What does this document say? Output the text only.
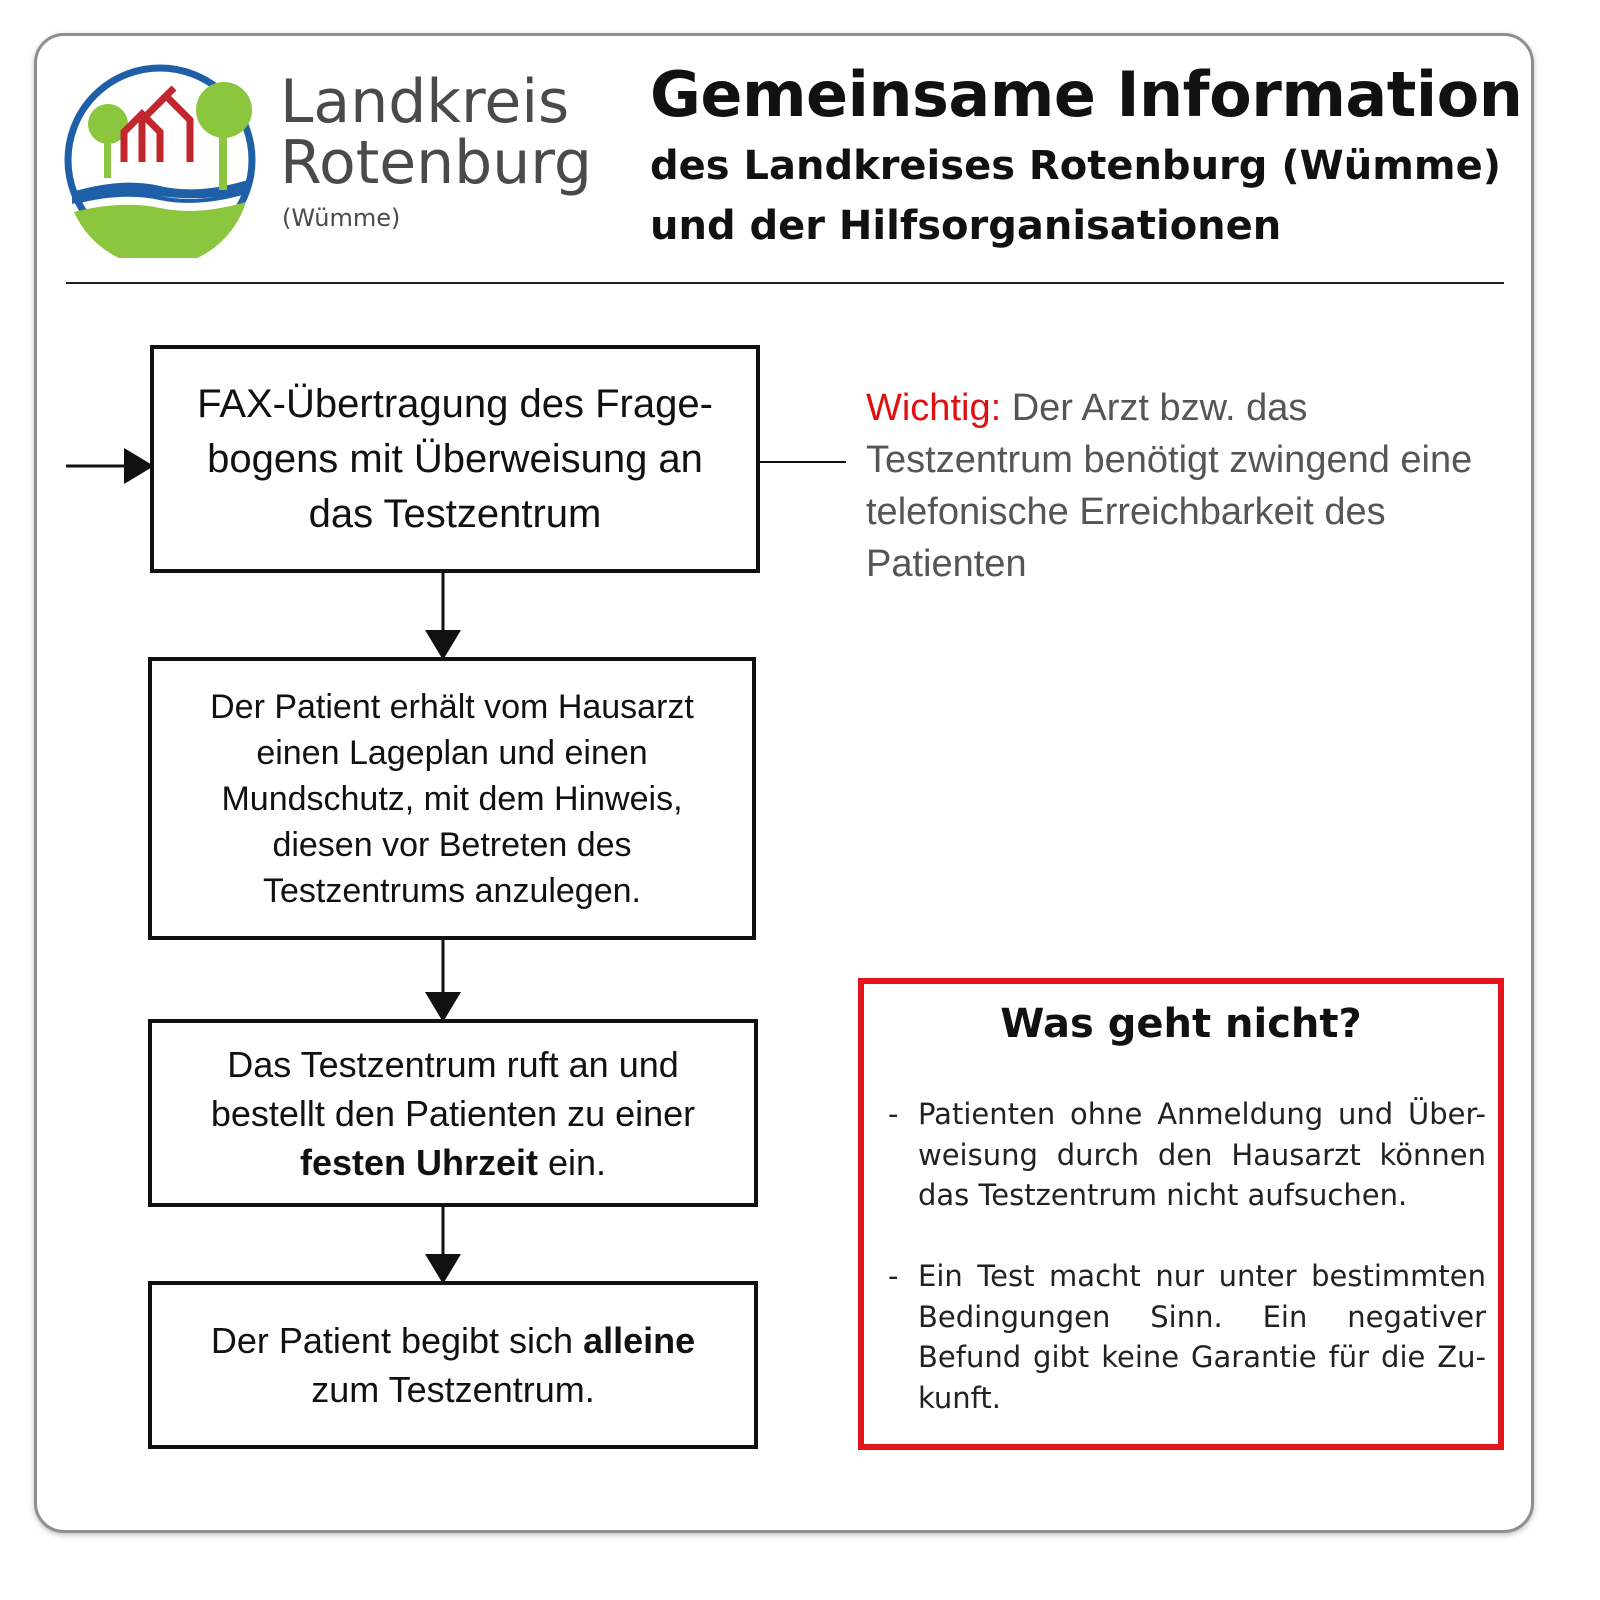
Landkreis
Rotenburg
(Wümme)
Gemeinsame Information
des Landkreises Rotenburg (Wümme)
und der Hilfsorganisationen

FAX-Übertragung des Frage-bogens mit Überweisung an das Testzentrum

Der Patient erhält vom Hausarzt einen Lageplan und einen Mundschutz, mit dem Hinweis, diesen vor Betreten des Testzentrums anzulegen.

Das Testzentrum ruft an und bestellt den Patienten zu einer festen Uhrzeit ein.

Der Patient begibt sich alleine zum Testzentrum.

Wichtig: Der Arzt bzw. das Testzentrum benötigt zwingend eine telefonische Erreichbarkeit des Patienten
Was geht nicht?
- Patienten ohne Anmeldung und Über-weisung durch den Hausarzt können das Testzentrum nicht aufsuchen.
- Ein Test macht nur unter bestimmten Bedingungen Sinn. Ein negativer Befund gibt keine Garantie für die Zu-kunft.
